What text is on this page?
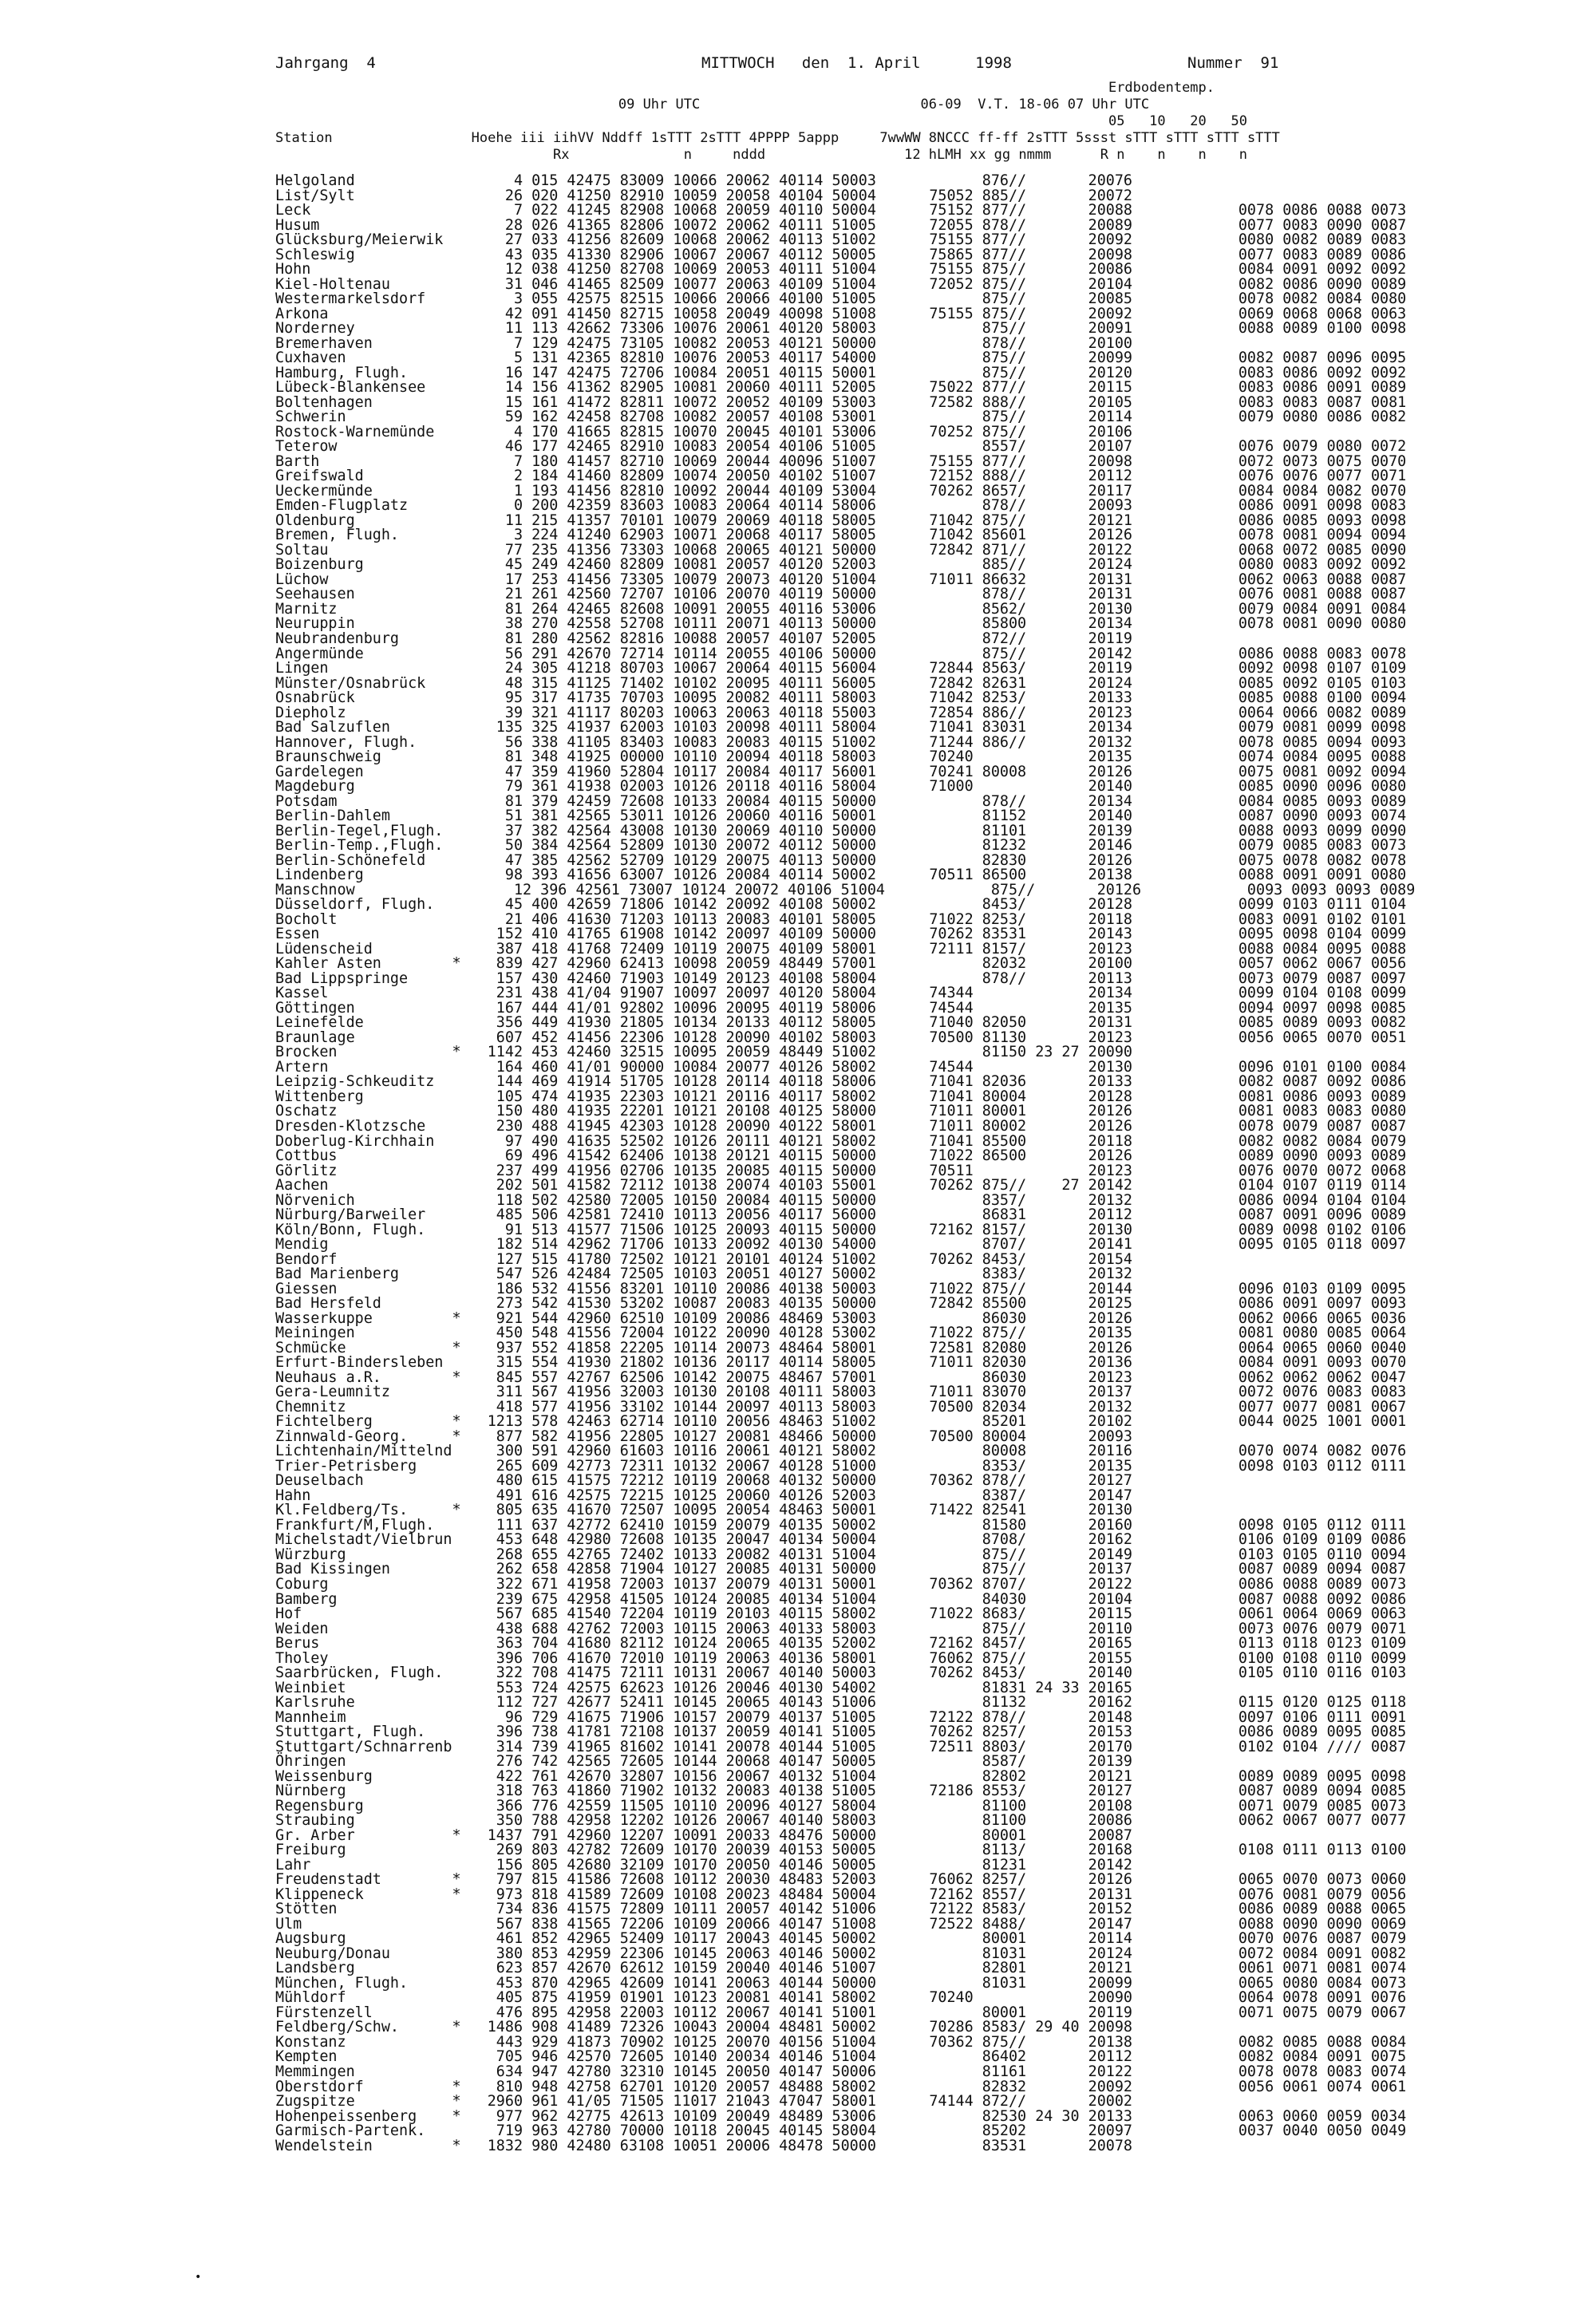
Jahrgang  4	MITTWOCH   den  1. April      1998	Nummer  91
Erdbodentemp.
09 Uhr UTC                           06-09  V.T. 18-06 07 Uhr UTC
05   10   20   50
Station                 Hoehe iii iihVV Nddff 1sTTT 2sTTT 4PPPP 5appp     7wwWW 8NCCC ff-ff 2sTTT 5ssst sTTT sTTT sTTT sTTT
Rx              n     nddd                 12 hLMH xx gg nmmm      R n    n    n    n
Helgoland                  4 015 42475 83009 10066 20062 40114 50003            876//       20076
List/Sylt                 26 020 41250 82910 10059 20058 40104 50004      75052 885//       20072
Leck                       7 022 41245 82908 10068 20059 40110 50004      75152 877//       20088            0078 0086 0088 0073
Husum                     28 026 41365 82806 10072 20062 40111 51005      72055 878//       20089            0077 0083 0090 0087
Glücksburg/Meierwik       27 033 41256 82609 10068 20062 40113 51002      75155 877//       20092            0080 0082 0089 0083
Schleswig                 43 035 41330 82906 10067 20067 40112 50005      75865 877//       20098            0077 0083 0089 0086
Hohn                      12 038 41250 82708 10069 20053 40111 51004      75155 875//       20086            0084 0091 0092 0092
Kiel-Holtenau             31 046 41465 82509 10077 20063 40109 51004      72052 875//       20104            0082 0086 0090 0089
Westermarkelsdorf          3 055 42575 82515 10066 20066 40100 51005            875//       20085            0078 0082 0084 0080
Arkona                    42 091 41450 82715 10058 20049 40098 51008      75155 875//       20092            0069 0068 0068 0063
Norderney                 11 113 42662 73306 10076 20061 40120 58003            875//       20091            0088 0089 0100 0098
Bremerhaven                7 129 42475 73105 10082 20053 40121 50000            878//       20100
Cuxhaven                   5 131 42365 82810 10076 20053 40117 54000            875//       20099            0082 0087 0096 0095
Hamburg, Flugh.           16 147 42475 72706 10084 20051 40115 50001            875//       20120            0083 0086 0092 0092
Lübeck-Blankensee         14 156 41362 82905 10081 20060 40111 52005      75022 877//       20115            0083 0086 0091 0089
Boltenhagen               15 161 41472 82811 10072 20052 40109 53003      72582 888//       20105            0083 0083 0087 0081
Schwerin                  59 162 42458 82708 10082 20057 40108 53001            875//       20114            0079 0080 0086 0082
Rostock-Warnemünde         4 170 41665 82815 10070 20045 40101 53006      70252 875//       20106
Teterow                   46 177 42465 82910 10083 20054 40106 51005            8557/       20107            0076 0079 0080 0072
Barth                      7 180 41457 82710 10069 20044 40096 51007      75155 877//       20098            0072 0073 0075 0070
Greifswald                 2 184 41460 82809 10074 20050 40102 51007      72152 888//       20112            0076 0076 0077 0071
Ueckermünde                1 193 41456 82810 10092 20044 40109 53004      70262 8657/       20117            0084 0084 0082 0070
Emden-Flugplatz            0 200 42359 83603 10083 20064 40114 58006            878//       20093            0086 0091 0098 0083
Oldenburg                 11 215 41357 70101 10079 20069 40118 58005      71042 875//       20121            0086 0085 0093 0098
Bremen, Flugh.             3 224 41240 62903 10071 20068 40117 58005      71042 85601       20126            0078 0081 0094 0094
Soltau                    77 235 41356 73303 10068 20065 40121 50000      72842 871//       20122            0068 0072 0085 0090
Boizenburg                45 249 42460 82809 10081 20057 40120 52003            885//       20124            0080 0083 0092 0092
Lüchow                    17 253 41456 73305 10079 20073 40120 51004      71011 86632       20131            0062 0063 0088 0087
Seehausen                 21 261 42560 72707 10106 20070 40119 50000            878//       20131            0076 0081 0088 0087
Marnitz                   81 264 42465 82608 10091 20055 40116 53006            8562/       20130            0079 0084 0091 0084
Neuruppin                 38 270 42558 52708 10111 20071 40113 50000            85800       20134            0078 0081 0090 0080
Neubrandenburg            81 280 42562 82816 10088 20057 40107 52005            872//       20119
Angermünde                56 291 42670 72714 10114 20055 40106 50000            875//       20142            0086 0088 0083 0078
Lingen                    24 305 41218 80703 10067 20064 40115 56004      72844 8563/       20119            0092 0098 0107 0109
Münster/Osnabrück         48 315 41125 71402 10102 20095 40111 56005      72842 82631       20124            0085 0092 0105 0103
Osnabrück                 95 317 41735 70703 10095 20082 40111 58003      71042 8253/       20133            0085 0088 0100 0094
Diepholz                  39 321 41117 80203 10063 20063 40118 55003      72854 886//       20123            0064 0066 0082 0089
Bad Salzuflen            135 325 41937 62003 10103 20098 40111 58004      71041 83031       20134            0079 0081 0099 0098
Hannover, Flugh.          56 338 41105 83403 10083 20083 40115 51002      71244 886//       20132            0078 0085 0094 0093
Braunschweig              81 348 41925 00000 10110 20094 40118 58003      70240             20135            0074 0084 0095 0088
Gardelegen                47 359 41960 52804 10117 20084 40117 56001      70241 80008       20126            0075 0081 0092 0094
Magdeburg                 79 361 41938 02003 10126 20118 40116 58004      71000             20140            0085 0090 0096 0080
Potsdam                   81 379 42459 72608 10133 20084 40115 50000            878//       20134            0084 0085 0093 0089
Berlin-Dahlem             51 381 42565 53011 10126 20060 40116 50001            81152       20140            0087 0090 0093 0074
Berlin-Tegel,Flugh.       37 382 42564 43008 10130 20069 40110 50000            81101       20139            0088 0093 0099 0090
Berlin-Temp.,Flugh.       50 384 42564 52809 10130 20072 40112 50000            81232       20146            0079 0085 0083 0073
Berlin-Schönefeld         47 385 42562 52709 10129 20075 40113 50000            82830       20126            0075 0078 0082 0078
Lindenberg                98 393 41656 63007 10126 20084 40114 50002      70511 86500       20138            0088 0091 0091 0080
Manschnow                  12 396 42561 73007 10124 20072 40106 51004            875//       20126            0093 0093 0093 0089
Düsseldorf, Flugh.        45 400 42659 71806 10142 20092 40108 50002            8453/       20128            0099 0103 0111 0104
Bocholt                   21 406 41630 71203 10113 20083 40101 58005      71022 8253/       20118            0083 0091 0102 0101
Essen                    152 410 41765 61908 10142 20097 40109 50000      70262 83531       20143            0095 0098 0104 0099
Lüdenscheid              387 418 41768 72409 10119 20075 40109 58001      72111 8157/       20123            0088 0084 0095 0088
Kahler Asten        *    839 427 42960 62413 10098 20059 48449 57001            82032       20100            0057 0062 0067 0056
Bad Lippspringe          157 430 42460 71903 10149 20123 40108 58004            878//       20113            0073 0079 0087 0097
Kassel                   231 438 41/04 91907 10097 20097 40120 58004      74344             20134            0099 0104 0108 0099
Göttingen                167 444 41/01 92802 10096 20095 40119 58006      74544             20135            0094 0097 0098 0085
Leinefelde               356 449 41930 21805 10134 20133 40112 58005      71040 82050       20131            0085 0089 0093 0082
Braunlage                607 452 41456 22306 10128 20090 40102 58003      70500 81130       20123            0056 0065 0070 0051
Brocken             *   1142 453 42460 32515 10095 20059 48449 51002            81150 23 27 20090
Artern                   164 460 41/01 90000 10084 20077 40126 58002      74544             20130            0096 0101 0100 0084
Leipzig-Schkeuditz       144 469 41914 51705 10128 20114 40118 58006      71041 82036       20133            0082 0087 0092 0086
Wittenberg               105 474 41935 22303 10121 20116 40117 58002      71041 80004       20128            0081 0086 0093 0089
Oschatz                  150 480 41935 22201 10121 20108 40125 58000      71011 80001       20126            0081 0083 0083 0080
Dresden-Klotzsche        230 488 41945 42303 10128 20090 40122 58001      71011 80002       20126            0078 0079 0087 0087
Doberlug-Kirchhain        97 490 41635 52502 10126 20111 40121 58002      71041 85500       20118            0082 0082 0084 0079
Cottbus                   69 496 41542 62406 10138 20121 40115 50000      71022 86500       20126            0089 0090 0093 0089
Görlitz                  237 499 41956 02706 10135 20085 40115 50000      70511             20123            0076 0070 0072 0068
Aachen                   202 501 41582 72112 10138 20074 40103 55001      70262 875//    27 20142            0104 0107 0119 0114
Nörvenich                118 502 42580 72005 10150 20084 40115 50000            8357/       20132            0086 0094 0104 0104
Nürburg/Barweiler        485 506 42581 72410 10113 20056 40117 56000            86831       20112            0087 0091 0096 0089
Köln/Bonn, Flugh.         91 513 41577 71506 10125 20093 40115 50000      72162 8157/       20130            0089 0098 0102 0106
Mendig                   182 514 42962 71706 10133 20092 40130 54000            8707/       20141            0095 0105 0118 0097
Bendorf                  127 515 41780 72502 10121 20101 40124 51002      70262 8453/       20154
Bad Marienberg           547 526 42484 72505 10103 20051 40127 50002            8383/       20132
Giessen                  186 532 41556 83201 10110 20086 40138 50003      71022 875//       20144            0096 0103 0109 0095
Bad Hersfeld             273 542 41530 53202 10087 20083 40135 50000      72842 85500       20125            0086 0091 0097 0093
Wasserkuppe         *    921 544 42960 62510 10109 20086 48469 53003            86030       20126            0062 0066 0065 0036
Meiningen                450 548 41556 72004 10122 20090 40128 53002      71022 875//       20135            0081 0080 0085 0064
Schmücke            *    937 552 41858 22205 10114 20073 48464 58001      72581 82080       20126            0064 0065 0060 0040
Erfurt-Bindersleben      315 554 41930 21802 10136 20117 40114 58005      71011 82030       20136            0084 0091 0093 0070
Neuhaus a.R.        *    845 557 42767 62506 10142 20075 48467 57001            86030       20123            0062 0062 0062 0047
Gera-Leumnitz            311 567 41956 32003 10130 20108 40111 58003      71011 83070       20137            0072 0076 0083 0083
Chemnitz                 418 577 41956 33102 10144 20097 40113 58003      70500 82034       20132            0077 0077 0081 0067
Fichtelberg         *   1213 578 42463 62714 10110 20056 48463 51002            85201       20102            0044 0025 1001 0001
Zinnwald-Georg.     *    877 582 41956 22805 10127 20081 48466 50000      70500 80004       20093
Lichtenhain/Mittelnd     300 591 42960 61603 10116 20061 40121 58002            80008       20116            0070 0074 0082 0076
Trier-Petrisberg         265 609 42773 72311 10132 20067 40128 51000            8353/       20135            0098 0103 0112 0111
Deuselbach               480 615 41575 72212 10119 20068 40132 50000      70362 878//       20127
Hahn                     491 616 42575 72215 10125 20060 40126 52003            8387/       20147
Kl.Feldberg/Ts.     *    805 635 41670 72507 10095 20054 48463 50001      71422 82541       20130
Frankfurt/M,Flugh.       111 637 42772 62410 10159 20079 40135 50002            81580       20160            0098 0105 0112 0111
Michelstadt/Vielbrun     453 648 42980 72608 10135 20047 40134 50004            8708/       20162            0106 0109 0109 0086
Würzburg                 268 655 42765 72402 10133 20082 40131 51004            875//       20149            0103 0105 0110 0094
Bad Kissingen            262 658 42858 71904 10127 20085 40131 50000            875//       20137            0087 0089 0094 0087
Coburg                   322 671 41958 72003 10137 20079 40131 50001      70362 8707/       20122            0086 0088 0089 0073
Bamberg                  239 675 42958 41505 10124 20085 40134 51004            84030       20104            0087 0088 0092 0086
Hof                      567 685 41540 72204 10119 20103 40115 58002      71022 8683/       20115            0061 0064 0069 0063
Weiden                   438 688 42762 72003 10115 20063 40133 58003            875//       20110            0073 0076 0079 0071
Berus                    363 704 41680 82112 10124 20065 40135 52002      72162 8457/       20165            0113 0118 0123 0109
Tholey                   396 706 41670 72010 10119 20063 40136 58001      76062 875//       20155            0100 0108 0110 0099
Saarbrücken, Flugh.      322 708 41475 72111 10131 20067 40140 50003      70262 8453/       20140            0105 0110 0116 0103
Weinbiet                 553 724 42575 62623 10126 20046 40130 54002            81831 24 33 20165
Karlsruhe                112 727 42677 52411 10145 20065 40143 51006            81132       20162            0115 0120 0125 0118
Mannheim                  96 729 41675 71906 10157 20079 40137 51005      72122 878//       20148            0097 0106 0111 0091
Stuttgart, Flugh.        396 738 41781 72108 10137 20059 40141 51005      70262 8257/       20153            0086 0089 0095 0085
Stuttgart/Schnarrenb     314 739 41965 81602 10141 20078 40144 51005      72511 8803/       20170            0102 0104 //// 0087
Öhringen                 276 742 42565 72605 10144 20068 40147 50005            8587/       20139
Weissenburg              422 761 42670 32807 10156 20067 40132 51004            82802       20121            0089 0089 0095 0098
Nürnberg                 318 763 41860 71902 10132 20083 40138 51005      72186 8553/       20127            0087 0089 0094 0085
Regensburg               366 776 42559 11505 10110 20096 40127 58004            81100       20108            0071 0079 0085 0073
Straubing                350 788 42958 12202 10126 20067 40140 58003            81100       20086            0062 0067 0077 0077
Gr. Arber           *   1437 791 42960 12207 10091 20033 48476 50000            80001       20087
Freiburg                 269 803 42782 72609 10170 20039 40153 50005            8113/       20168            0108 0111 0113 0100
Lahr                     156 805 42680 32109 10170 20050 40146 50005            81231       20142
Freudenstadt        *    797 815 41586 72608 10112 20030 48483 52003      76062 8257/       20126            0065 0070 0073 0060
Klippeneck          *    973 818 41589 72609 10108 20023 48484 50004      72162 8557/       20131            0076 0081 0079 0056
Stötten                  734 836 41575 72809 10111 20057 40142 51006      72122 8583/       20152            0086 0089 0088 0065
Ulm                      567 838 41565 72206 10109 20066 40147 51008      72522 8488/       20147            0088 0090 0090 0069
Augsburg                 461 852 42965 52409 10117 20043 40145 50002            80001       20114            0070 0076 0087 0079
Neuburg/Donau            380 853 42959 22306 10145 20063 40146 50002            81031       20124            0072 0084 0091 0082
Landsberg                623 857 42670 62612 10159 20040 40146 51007            82801       20121            0061 0071 0081 0074
München, Flugh.          453 870 42965 42609 10141 20063 40144 50000            81031       20099            0065 0080 0084 0073
Mühldorf                 405 875 41959 01901 10123 20081 40141 58002      70240             20090            0064 0078 0091 0076
Fürstenzell              476 895 42958 22003 10112 20067 40141 51001            80001       20119            0071 0075 0079 0067
Feldberg/Schw.      *   1486 908 41489 72326 10043 20004 48481 50002      70286 8583/ 29 40 20098
Konstanz                 443 929 41873 70902 10125 20070 40156 51004      70362 875//       20138            0082 0085 0088 0084
Kempten                  705 946 42570 72605 10140 20034 40146 51004            86402       20112            0082 0084 0091 0075
Memmingen                634 947 42780 32310 10145 20050 40147 50006            81161       20122            0078 0078 0083 0074
Oberstdorf          *    810 948 42758 62701 10120 20057 48488 58002            82832       20092            0056 0061 0074 0061
Zugspitze           *   2960 961 41/05 71505 11017 21043 47047 58001      74144 872//       20002
Hohenpeissenberg    *    977 962 42775 42613 10109 20049 48489 53006            82530 24 30 20133            0063 0060 0059 0034
Garmisch-Partenk.        719 963 42780 70000 10118 20045 40145 58004            85202       20097            0037 0040 0050 0049
Wendelstein         *   1832 980 42480 63108 10051 20006 48478 50000            83531       20078
•
